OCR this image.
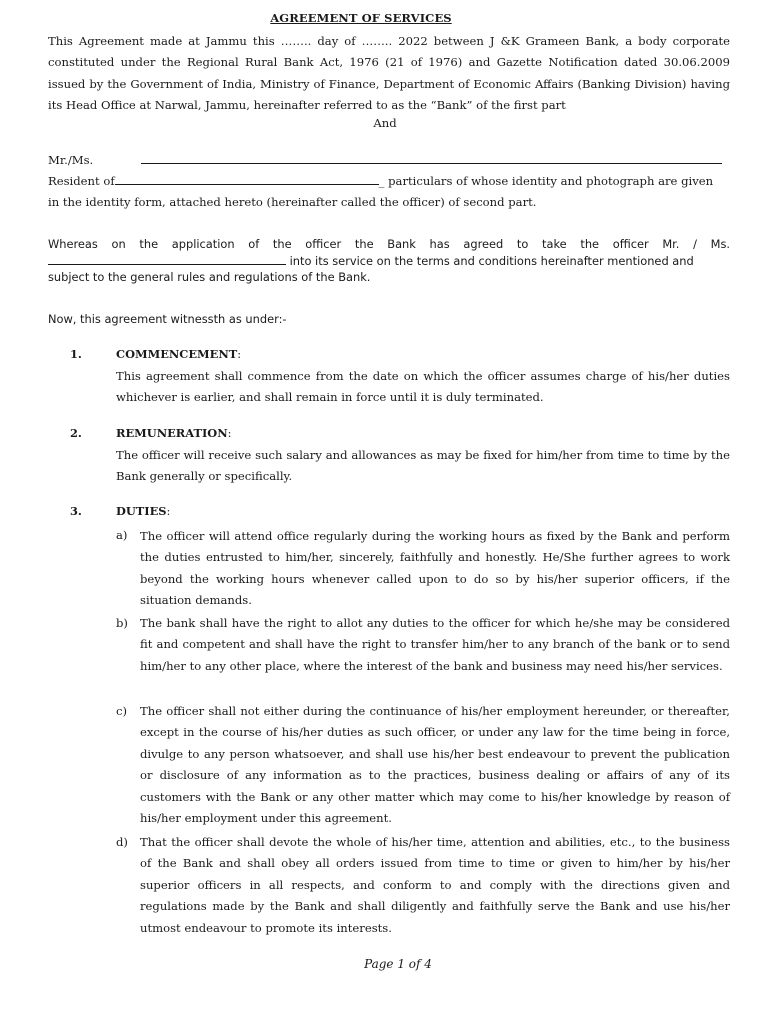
AGREEMENT OF SERVICES

This Agreement made at Jammu this …….. day of …….. 2022 between J &K Grameen Bank, a body corporate constituted under the Regional Rural Bank Act, 1976 (21 of 1976) and Gazette Notification dated 30.06.2009 issued by the Government of India, Ministry of Finance, Department of Economic Affairs (Banking Division) having its Head Office at Narwal, Jammu, hereinafter referred to as the “Bank” of the first part

And
Mr./Ms.
Resident of	_ particulars of whose identity and photograph are given
in the identity form, attached hereto (hereinafter called the officer) of second part.
Whereas on the application of the officer the Bank has agreed to take the officer Mr. / Ms.
into its service on the terms and conditions hereinafter mentioned and
subject to the general rules and regulations of the Bank.
Now, this agreement witnessth as under:-
1.	COMMENCEMENT:

This agreement shall commence from the date on which the officer assumes charge of his/her duties whichever is earlier, and shall remain in force until it is duly terminated.

2.	REMUNERATION:

The officer will receive such salary and allowances as may be fixed for him/her from time to time by the Bank generally or specifically.

3.	DUTIES:
a) The officer will attend office regularly during the working hours as fixed by the Bank and perform the duties entrusted to him/her, sincerely, faithfully and honestly. He/She further agrees to work beyond the working hours whenever called upon to do so by his/her superior officers, if the situation demands.

b) The bank shall have the right to allot any duties to the officer for which he/she may be considered fit and competent and shall have the right to transfer him/her to any branch of the bank or to send him/her to any other place, where the interest of the bank and business may need his/her services.

c) The officer shall not either during the continuance of his/her employment hereunder, or thereafter, except in the course of his/her duties as such officer, or under any law for the time being in force, divulge to any person whatsoever, and shall use his/her best endeavour to prevent the publication or disclosure of any information as to the practices, business dealing or affairs of any of its customers with the Bank or any other matter which may come to his/her knowledge by reason of his/her employment under this agreement.

d) That the officer shall devote the whole of his/her time, attention and abilities, etc., to the business of the Bank and shall obey all orders issued from time to time or given to him/her by his/her superior officers in all respects, and conform to and comply with the directions given and regulations made by the Bank and shall diligently and faithfully serve the Bank and use his/her utmost endeavour to promote its interests.

Page 1 of 4
